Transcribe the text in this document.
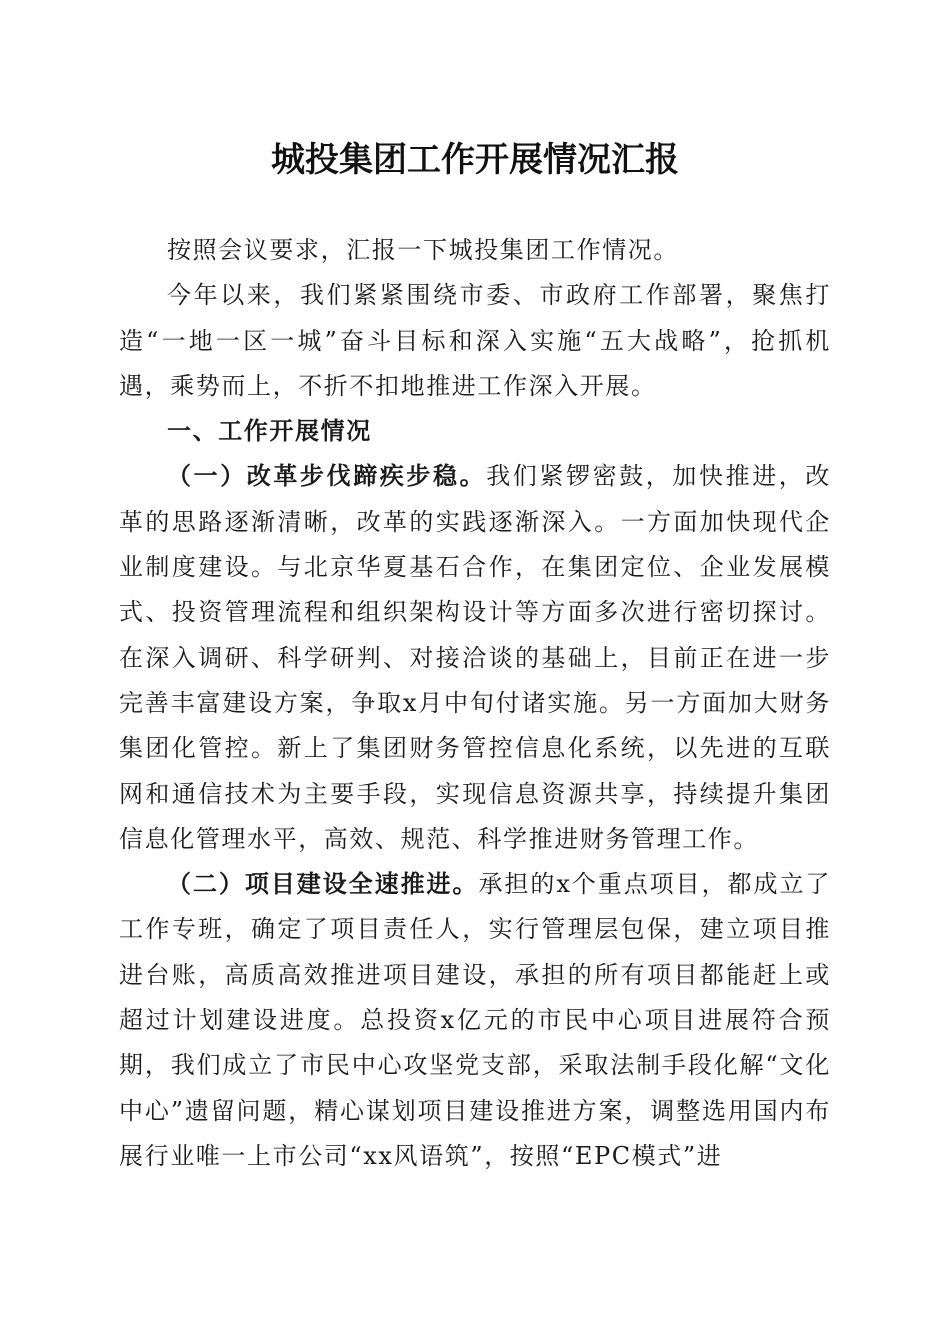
城投集团工作开展情况汇报

按照会议要求，汇报一下城投集团工作情况。

今年以来，我们紧紧围绕市委、市政府工作部署，聚焦打造“一地一区一城”奋斗目标和深入实施“五大战略”，抢抓机遇，乘势而上，不折不扣地推进工作深入开展。

一、工作开展情况

（一）改革步伐蹄疾步稳。我们紧锣密鼓，加快推进，改革的思路逐渐清晰，改革的实践逐渐深入。一方面加快现代企业制度建设。与北京华夏基石合作，在集团定位、企业发展模式、投资管理流程和组织架构设计等方面多次进行密切探讨。在深入调研、科学研判、对接洽谈的基础上，目前正在进一步完善丰富建设方案，争取x月中旬付诸实施。另一方面加大财务集团化管控。新上了集团财务管控信息化系统，以先进的互联网和通信技术为主要手段，实现信息资源共享，持续提升集团信息化管理水平，高效、规范、科学推进财务管理工作。

（二）项目建设全速推进。承担的x个重点项目，都成立了工作专班，确定了项目责任人，实行管理层包保，建立项目推进台账，高质高效推进项目建设，承担的所有项目都能赶上或超过计划建设进度。总投资x亿元的市民中心项目进展符合预期，我们成立了市民中心攻坚党支部，采取法制手段化解“文化中心”遗留问题，精心谋划项目建设推进方案，调整选用国内布展行业唯一上市公司“xx风语筑”，按照“EPC模式”进
